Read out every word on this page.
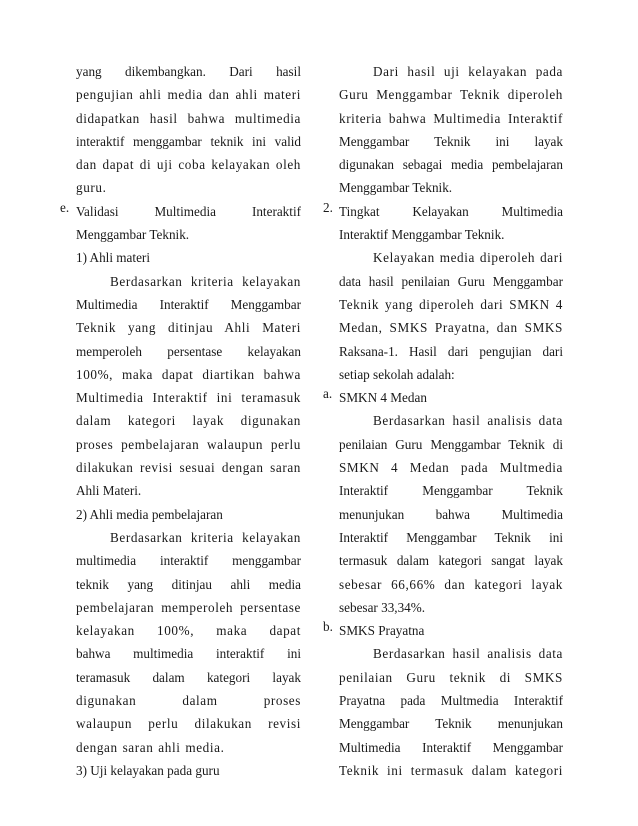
yang dikembangkan. Dari hasil
pengujian ahli media dan ahli materi
didapatkan hasil bahwa multimedia
interaktif menggambar teknik ini valid
dan dapat di uji coba kelayakan oleh
guru.
e. Validasi Multimedia Interaktif
Menggambar Teknik.
1) Ahli materi
Berdasarkan kriteria kelayakan
Multimedia Interaktif Menggambar
Teknik yang ditinjau Ahli Materi
memperoleh persentase kelayakan
100%, maka dapat diartikan bahwa
Multimedia Interaktif ini teramasuk
dalam kategori layak digunakan
proses pembelajaran walaupun perlu
dilakukan revisi sesuai dengan saran
Ahli Materi.
2) Ahli media pembelajaran
Berdasarkan kriteria kelayakan
multimedia interaktif menggambar
teknik yang ditinjau ahli media
pembelajaran memperoleh persentase
kelayakan 100%, maka dapat
bahwa multimedia interaktif ini
teramasuk dalam kategori layak
digunakan dalam proses
walaupun perlu dilakukan revisi
dengan saran ahli media.
3) Uji kelayakan pada guru
Dari hasil uji kelayakan pada
Guru Menggambar Teknik diperoleh
kriteria bahwa Multimedia Interaktif
Menggambar Teknik ini layak
digunakan sebagai media pembelajaran
Menggambar Teknik.
2. Tingkat Kelayakan Multimedia
Interaktif Menggambar Teknik.
Kelayakan media diperoleh dari
data hasil penilaian Guru Menggambar
Teknik yang diperoleh dari SMKN 4
Medan, SMKS Prayatna, dan SMKS
Raksana-1. Hasil dari pengujian dari
setiap sekolah adalah:
a. SMKN 4 Medan
Berdasarkan hasil analisis data
penilaian Guru Menggambar Teknik di
SMKN 4 Medan pada Multmedia
Interaktif Menggambar Teknik
menunjukan bahwa Multimedia
Interaktif Menggambar Teknik ini
termasuk dalam kategori sangat layak
sebesar 66,66% dan kategori layak
sebesar 33,34%.
b. SMKS Prayatna
Berdasarkan hasil analisis data
penilaian Guru teknik di SMKS
Prayatna pada Multmedia Interaktif
Menggambar Teknik menunjukan
Multimedia Interaktif Menggambar
Teknik ini termasuk dalam kategori
